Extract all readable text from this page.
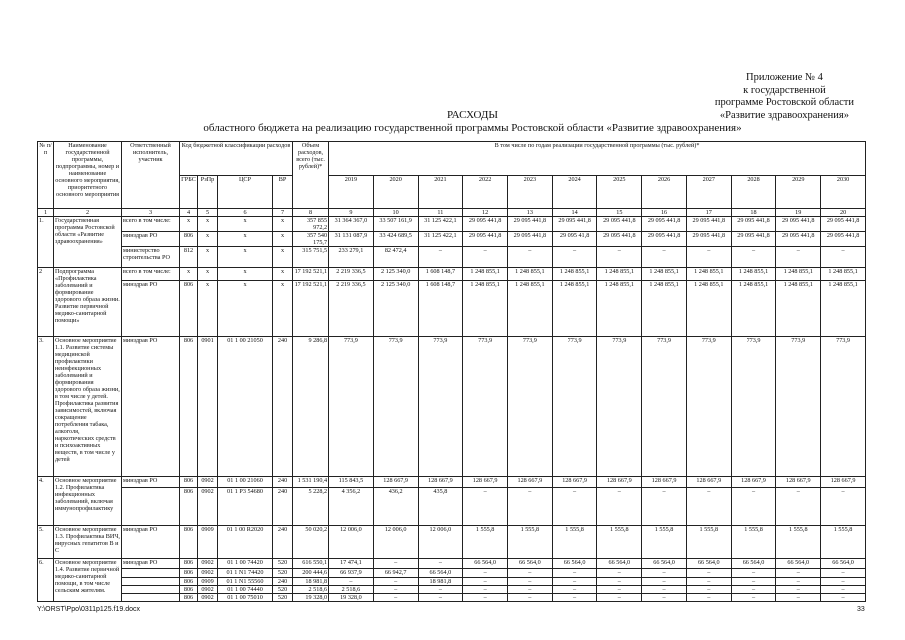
Приложение № 4
к государственной
программе Ростовской области
«Развитие здравоохранения»
РАСХОДЫ
областного бюджета на реализацию государственной программы Ростовской области «Развитие здравоохранения»
№ п/п	Наименование государственной программы, подпрограммы, номер и наименование основного мероприятия, приоритетного основного мероприятия	Ответственный исполнитель, участник	Код бюджетной классификации расходов				Объем расходов, всего (тыс. рублей)*	В том числе по годам реализации государственной программы (тыс. рублей)*											
			ГРБС	РзПр	ЦСР	ВР		2019	2020	2021	2022	2023	2024	2025	2026	2027	2028	2029	2030
1	2	3	4	5	6	7	8	9	10	11	12	13	14	15	16	17	18	19	20
1.	Государственная программа Ростовской области «Развитие здравоохранения»	всего в том числе:	x	x	x	x	357 855 972,2	31 364 367,0	33 507 161,9	31 125 422,1	29 095 441,8	29 095 441,8	29 095 441,8	29 095 441,8	29 095 441,8	29 095 441,8	29 095 441,8	29 095 441,8	29 095 441,8
		минздрав РО	806	x	x	x	357 540 175,7	31 131 087,9	33 424 689,5	31 125 422,1	29 095 441,8	29 095 441,8	29 095 41,8	29 095 441,8	29 095 441,8	29 095 441,8	29 095 441,8	29 095 441,8	29 095 441,8
		министерство строительства РО	812	x	x	x	315 751,5	233 279,1	82 472,4	–	–	–	–	–	–	–	–	–	–
2	Подпрограмма «Профилактика заболеваний и формирование здорового образа жизни. Развитие первичной медико-санитарной помощи»	всего в том числе:	x	x	x	x	17 192 521,1	2 219 336,5	2 125 340,0	1 608 148,7	1 248 855,1	1 248 855,1	1 248 855,1	1 248 855,1	1 248 855,1	1 248 855,1	1 248 855,1	1 248 855,1	1 248 855,1
		минздрав РО	806	x	x	x	17 192 521,1	2 219 336,5	2 125 340,0	1 608 148,7	1 248 855,1	1 248 855,1	1 248 855,1	1 248 855,1	1 248 855,1	1 248 855,1	1 248 855,1	1 248 855,1	1 248 855,1
3.	Основное мероприятие 1.1. Развитие системы медицинской профилактики неинфекционных заболеваний и формирования здорового образа жизни, в том числе у детей. Профилактика развития зависимостей, включая сокращение потребления табака, алкоголя, наркотических средств и психоактивных веществ, в том числе у детей	минздрав РО	806	0901	01 1 00 21050	240	9 286,8	773,9	773,9	773,9	773,9	773,9	773,9	773,9	773,9	773,9	773,9	773,9	773,9
4.	Основное мероприятие 1.2. Профилактика инфекционных заболеваний, включая иммунопрофилактику	минздрав РО	806	0902	01 1 00 21060	240	1 531 190,4	115 843,5	128 667,9	128 667,9	128 667,9	128 667,9	128 667,9	128 667,9	128 667,9	128 667,9	128 667,9	128 667,9	128 667,9
			806	0902	01 1 P3 54680	240	5 228,2	4 356,2	436,2	435,8	–	–	–	–	–	–	–	–	–
5.	Основное мероприятие 1.3. Профилактика ВИЧ, вирусных гепатитов В и С	минздрав РО	806	0909	01 1 00 R2020	240	50 020,2	12 006,0	12 006,0	12 006,0	1 555,8	1 555,8	1 555,8	1 555,8	1 555,8	1 555,8	1 555,8	1 555,8	1 555,8
6.	Основное мероприятие 1.4. Развитие первичной медико-санитарной помощи, в том числе сельским жителям.	минздрав РО	806	0902	01 1 00 74420	520	616 550,1	17 474,1	–	–	66 564,0	66 564,0	66 564,0	66 564,0	66 564,0	66 564,0	66 564,0	66 564,0	66 564,0
			806	0902	01 1 N1 74420	520	200 444,6	66 937,9	66 942,7	66 564,0	–	–	–	–	–	–	–	–	–
			806	0909	01 1 N1 55560	240	18 981,8	–	–	18 981,8	–	–	–	–	–	–	–	–	–
			806	0902	01 1 00 74440	520	2 518,6	2 518,6	–	–	–	–	–	–	–	–	–	–	–
			806	0902	01 1 00 75010	520	19 328,0	19 328,0	–	–	–	–	–	–	–	–	–	–	–
Y:\ORST\Ppo\0311p125.f19.docx	33
